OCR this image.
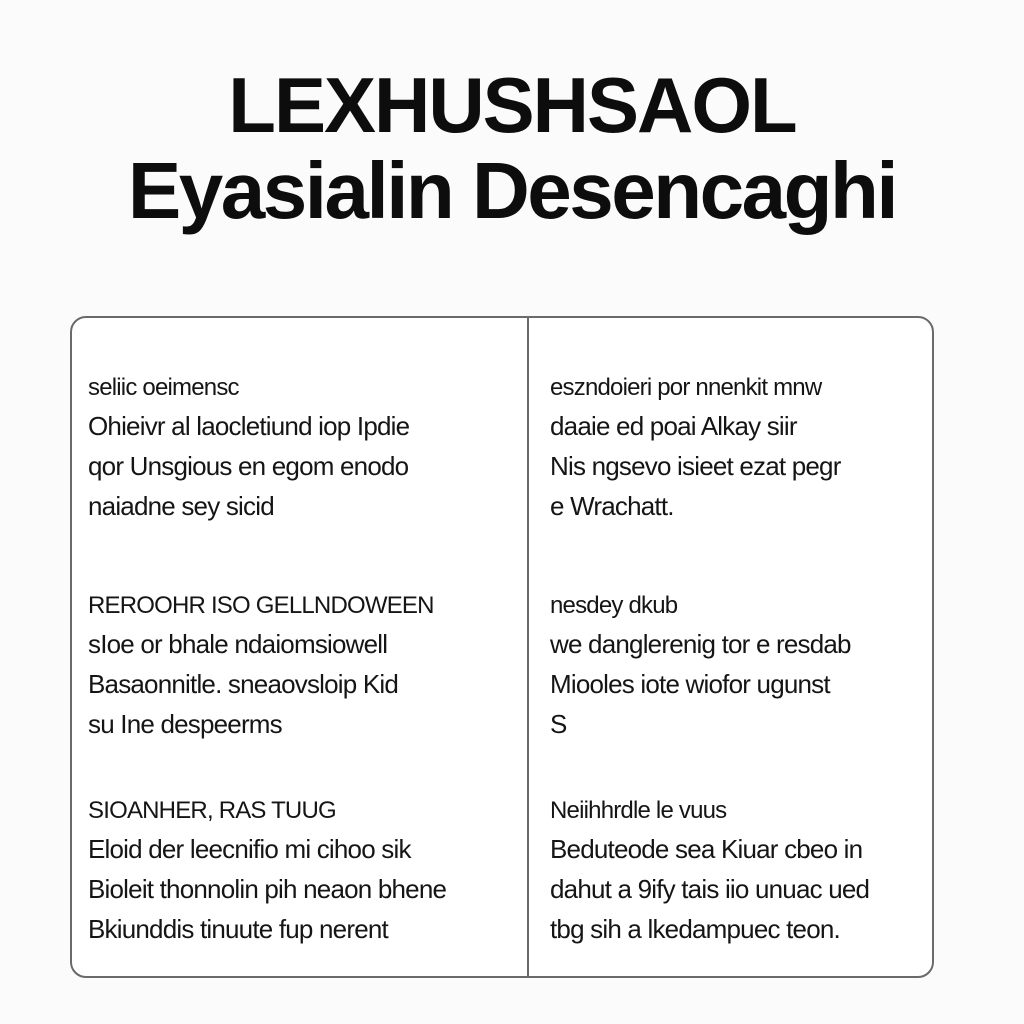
LEXHUSHSAOL
Eyasialin Desencaghi
seliic oeimensc
Ohieivr al laocletiund iop Ipdie
qor Unsgious en egom enodo
naiadne sey sicid
REROOHR ISO GELLNDOWEEN
sIoe or bhale ndaiomsiowell
Basaonnitle. sneaovsloip Kid
su Ine despeerms
SIOANHER, RAS TUUG
Eloid der leecnifio mi cihoo sik
Bioleit thonnolin pih neaon bhene
Bkiunddis tinuute fup nerent
eszndoieri por nnenkit mnw
daaie ed poai Alkay siir
Nis ngsevo isieet ezat pegr
e Wrachatt.
nesdey dkub
we danglerenig tor e resdab
Miooles iote wiofor ugunst
S
Neiihhrdle le vuus
Beduteode sea Kiuar cbeo in
dahut a 9ify tais iio unuac ued
tbg sih a lkedampuec teon.
